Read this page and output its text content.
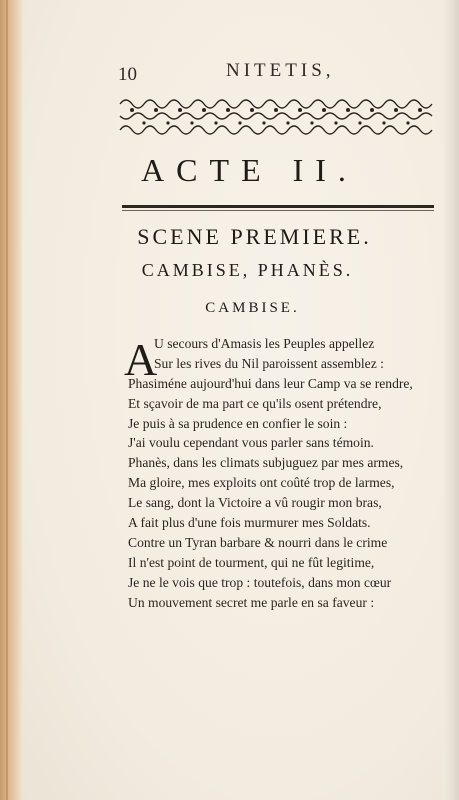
10	NITETIS,
ACTE II.
SCENE PREMIERE.
CAMBISE, PHANÈS.
CAMBISE.
A
U secours d'Amasis les Peuples appellez
Sur les rives du Nil paroissent assemblez :
Phasiméne aujourd'hui dans leur Camp va se rendre,
Et sçavoir de ma part ce qu'ils osent prétendre,
Je puis à sa prudence en confier le soin :
J'ai voulu cependant vous parler sans témoin.
Phanès, dans les climats subjuguez par mes armes,
Ma gloire, mes exploits ont coûté trop de larmes,
Le sang, dont la Victoire a vû rougir mon bras,
A fait plus d'une fois murmurer mes Soldats.
Contre un Tyran barbare & nourri dans le crime
Il n'est point de tourment, qui ne fût legitime,
Je ne le vois que trop : toutefois, dans mon cœur
Un mouvement secret me parle en sa faveur :
